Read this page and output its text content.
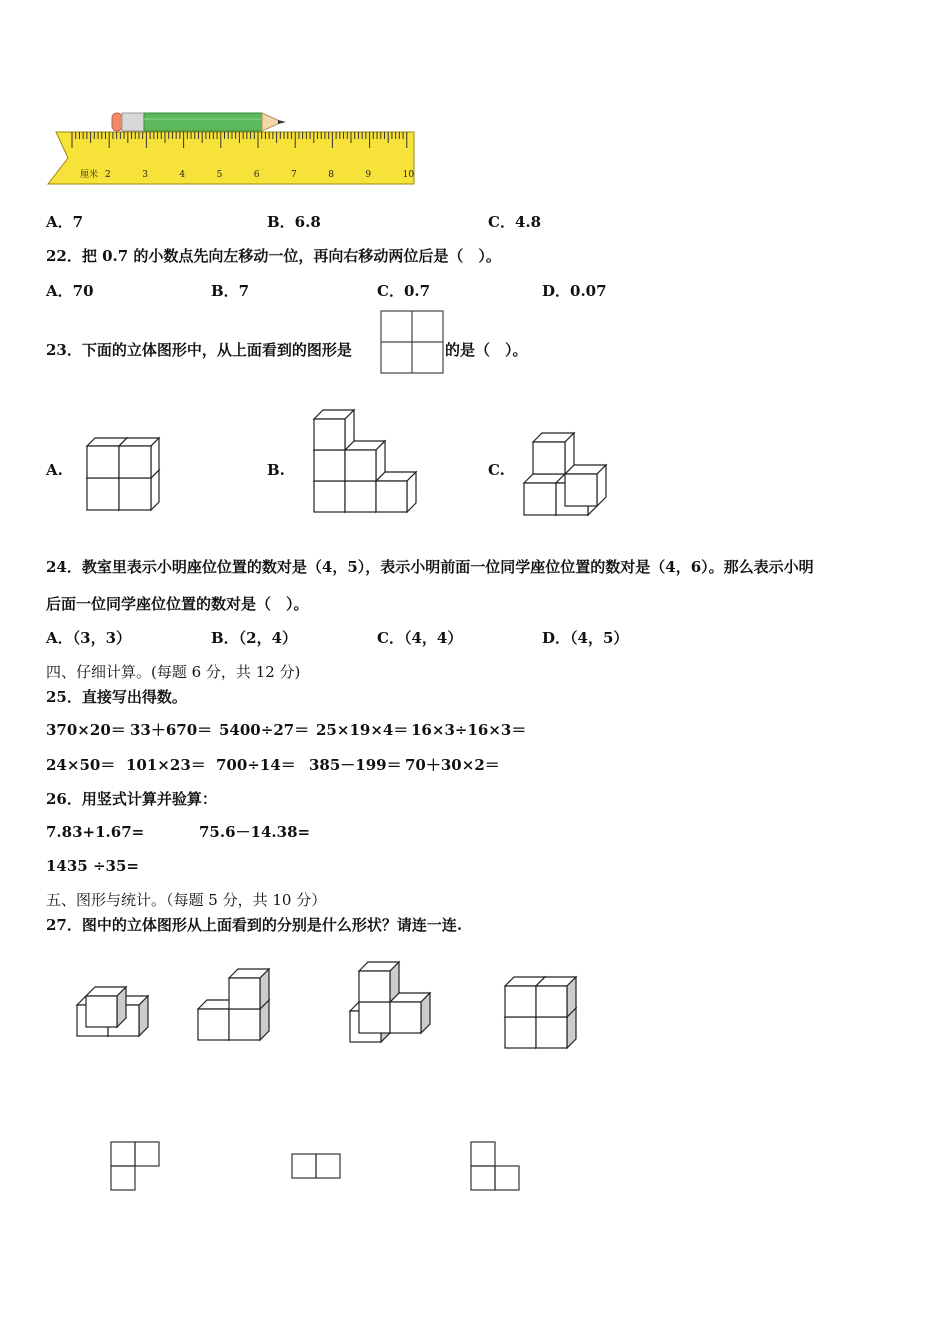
厘米 2	3	4	5	6	7	8	9	10
A．7	B．6.8	C．4.8
22．把 0.7 的小数点先向左移动一位，再向右移动两位后是（　）。
A．70	B．7	C．0.7	D．0.07
23．下面的立体图形中，从上面看到的图形是	的是（　）。
A.	B.	C.
24．教室里表示小明座位位置的数对是（4，5），表示小明前面一位同学座位位置的数对是（4，6）。那么表示小明
后面一位同学座位位置的数对是（　）。
A．（3，3）	B．（2，4）	C．（4，4）	D．（4，5）
四、仔细计算。(每题 6 分，共 12 分)
25．直接写出得数。
370×20＝ 33＋670＝ 5400÷27＝ 25×19×4＝ 16×3÷16×3＝
24×50＝ 101×23＝ 700÷14＝ 385－199＝ 70＋30×2＝
26．用竖式计算并验算：
7.83+1.67=	75.6－14.38=
1435 ÷35=
五、图形与统计。（每题 5 分，共 10 分）
27．图中的立体图形从上面看到的分别是什么形状？请连一连.
